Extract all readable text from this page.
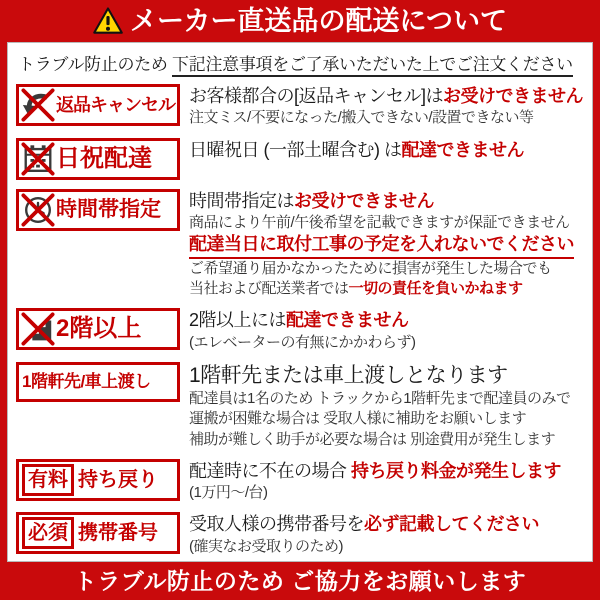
メーカー直送品の配送について
トラブル防止のため 下記注意事項をご了承いただいた上でご注文ください
返品キャンセル お客様都合の[返品キャンセル]はお受けできません
注文ミス/不要になった/搬入できない/設置できない等
日祝配達 日曜祝日 (一部土曜含む) は配達できません
時間帯指定 時間帯指定はお受けできません
商品により午前/午後希望を記載できますが保証できません
配達当日に取付工事の予定を入れないでください
ご希望通り届かなかったために損害が発生した場合でも
当社および配送業者では一切の責任を負いかねます
2階以上	2階以上には配達できません
(エレベーターの有無にかかわらず)
1階軒先/車上渡し 1階軒先または車上渡しとなります
配達員は1名のため トラックから1階軒先まで配達員のみで
運搬が困難な場合は 受取人様に補助をお願いします
補助が難しく助手が必要な場合は 別途費用が発生します
有料 持ち戻り 配達時に不在の場合 持ち戻り料金が発生します
(1万円〜/台)
必須 携帯番号 受取人様の携帯番号を必ず記載してください
(確実なお受取りのため)
トラブル防止のため ご協力をお願いします
